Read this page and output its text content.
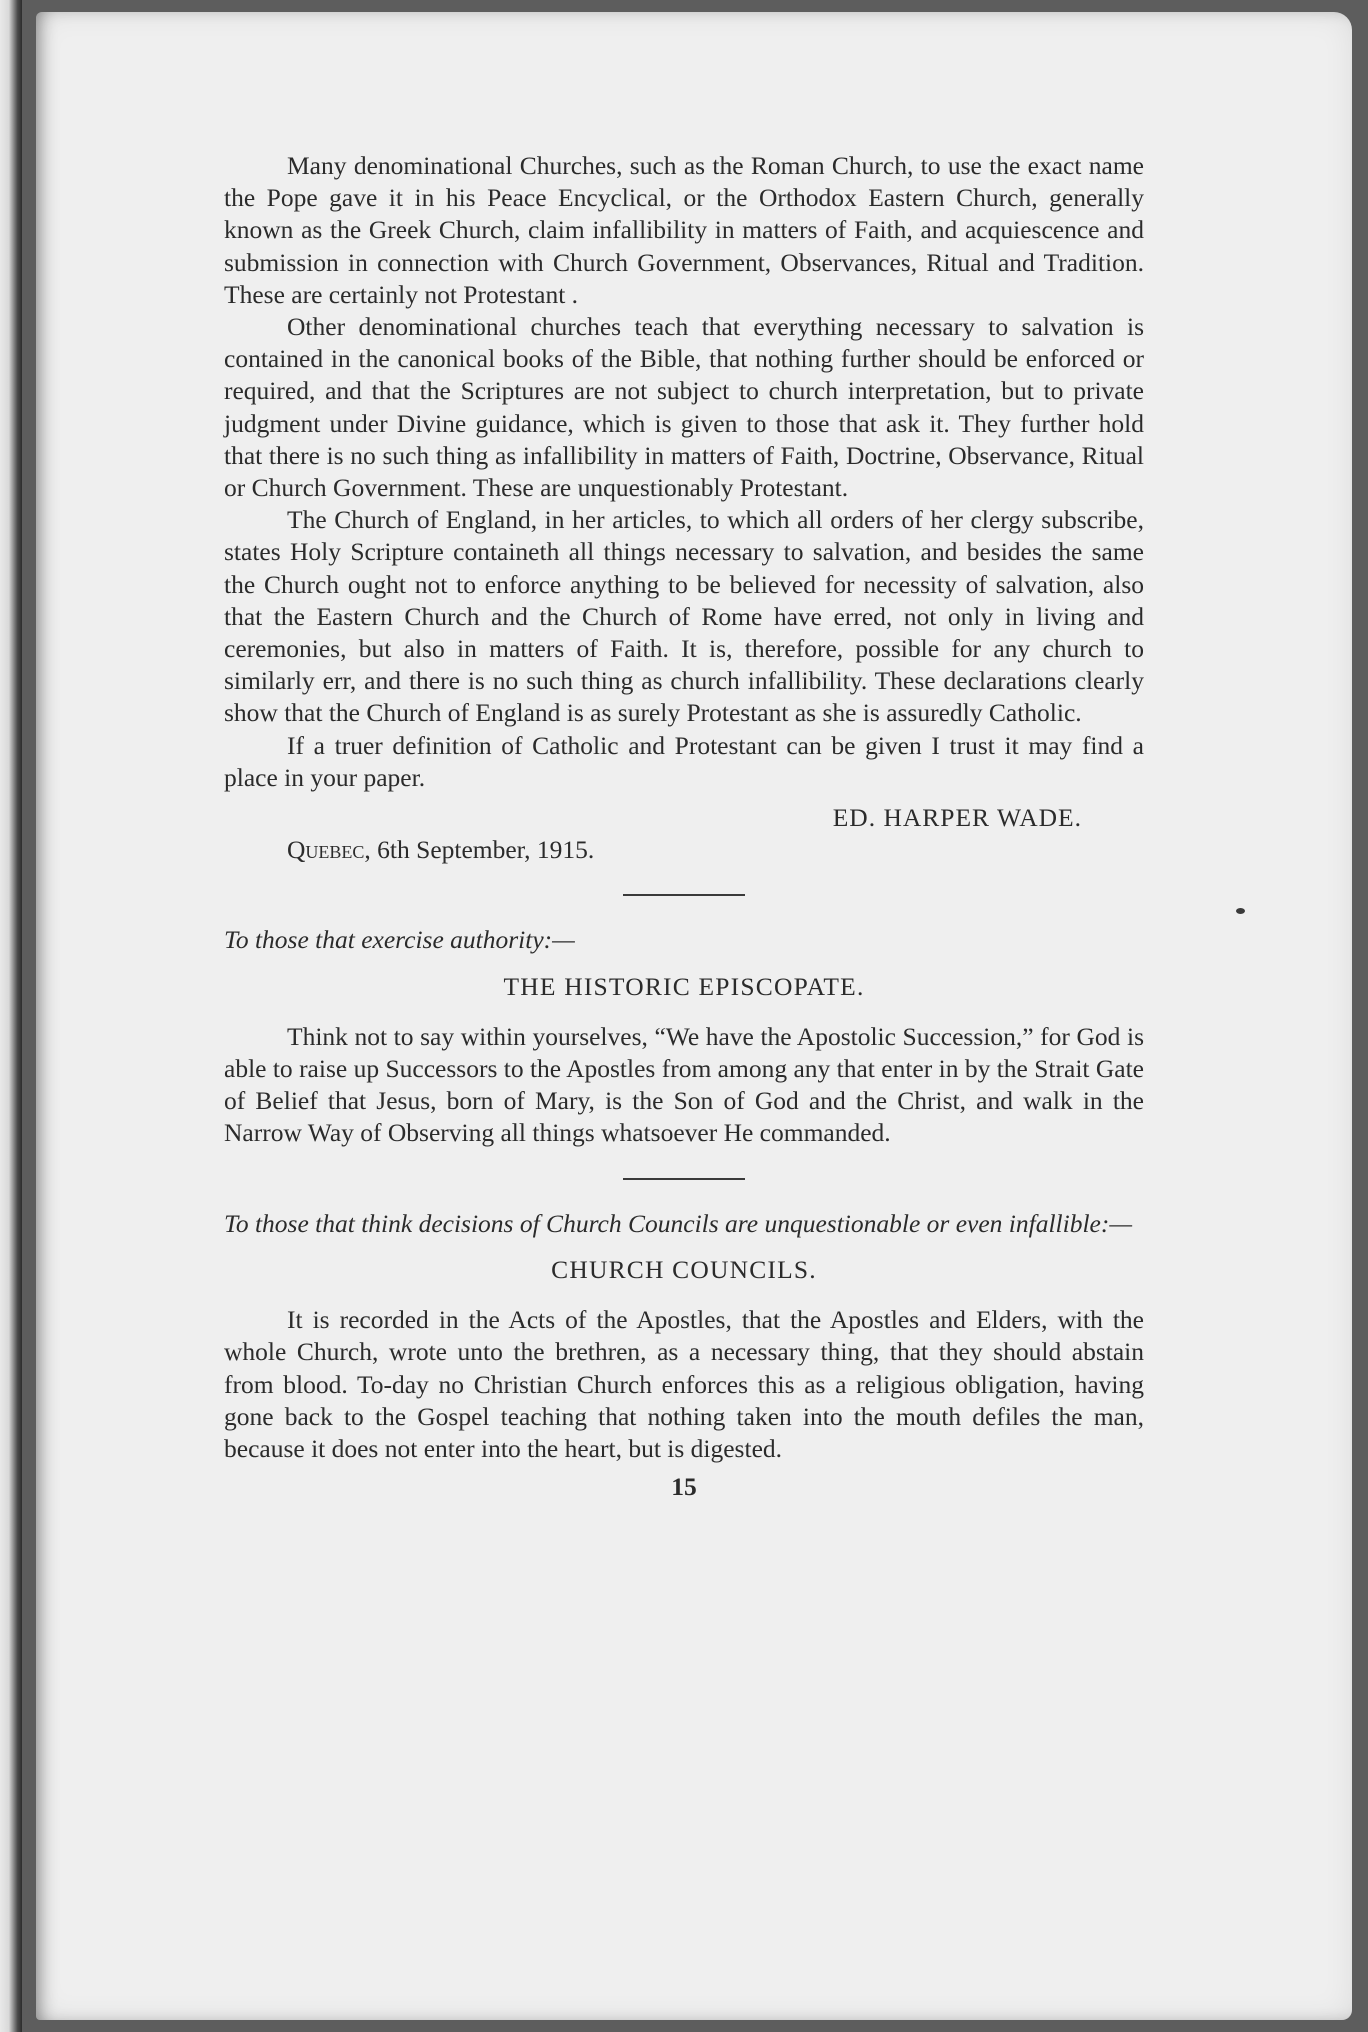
Many denominational Churches, such as the Roman Church, to use the exact name the Pope gave it in his Peace Encyclical, or the Orthodox Eastern Church, generally known as the Greek Church, claim infallibility in matters of Faith, and acquiescence and submission in connection with Church Government, Observances, Ritual and Tradition. These are certainly not Protestant .

Other denominational churches teach that everything necessary to salvation is contained in the canonical books of the Bible, that nothing further should be enforced or required, and that the Scriptures are not subject to church interpretation, but to private judgment under Divine guidance, which is given to those that ask it. They further hold that there is no such thing as infallibility in matters of Faith, Doctrine, Observance, Ritual or Church Government. These are unquestionably Protestant.

The Church of England, in her articles, to which all orders of her clergy subscribe, states Holy Scripture containeth all things necessary to salvation, and besides the same the Church ought not to enforce anything to be believed for necessity of salvation, also that the Eastern Church and the Church of Rome have erred, not only in living and ceremonies, but also in matters of Faith. It is, therefore, possible for any church to similarly err, and there is no such thing as church infallibility. These declarations clearly show that the Church of England is as surely Protestant as she is assuredly Catholic.

If a truer definition of Catholic and Protestant can be given I trust it may find a place in your paper.

ED. HARPER WADE.

Quebec, 6th September, 1915.

To those that exercise authority:—

THE HISTORIC EPISCOPATE.

Think not to say within yourselves, “We have the Apostolic Succession,” for God is able to raise up Successors to the Apostles from among any that enter in by the Strait Gate of Belief that Jesus, born of Mary, is the Son of God and the Christ, and walk in the Narrow Way of Observing all things whatsoever He commanded.

To those that think decisions of Church Councils are unquestionable or even infallible:—

CHURCH COUNCILS.

It is recorded in the Acts of the Apostles, that the Apostles and Elders, with the whole Church, wrote unto the brethren, as a necessary thing, that they should abstain from blood. To-day no Christian Church enforces this as a religious obligation, having gone back to the Gospel teaching that nothing taken into the mouth defiles the man, because it does not enter into the heart, but is digested.

15
